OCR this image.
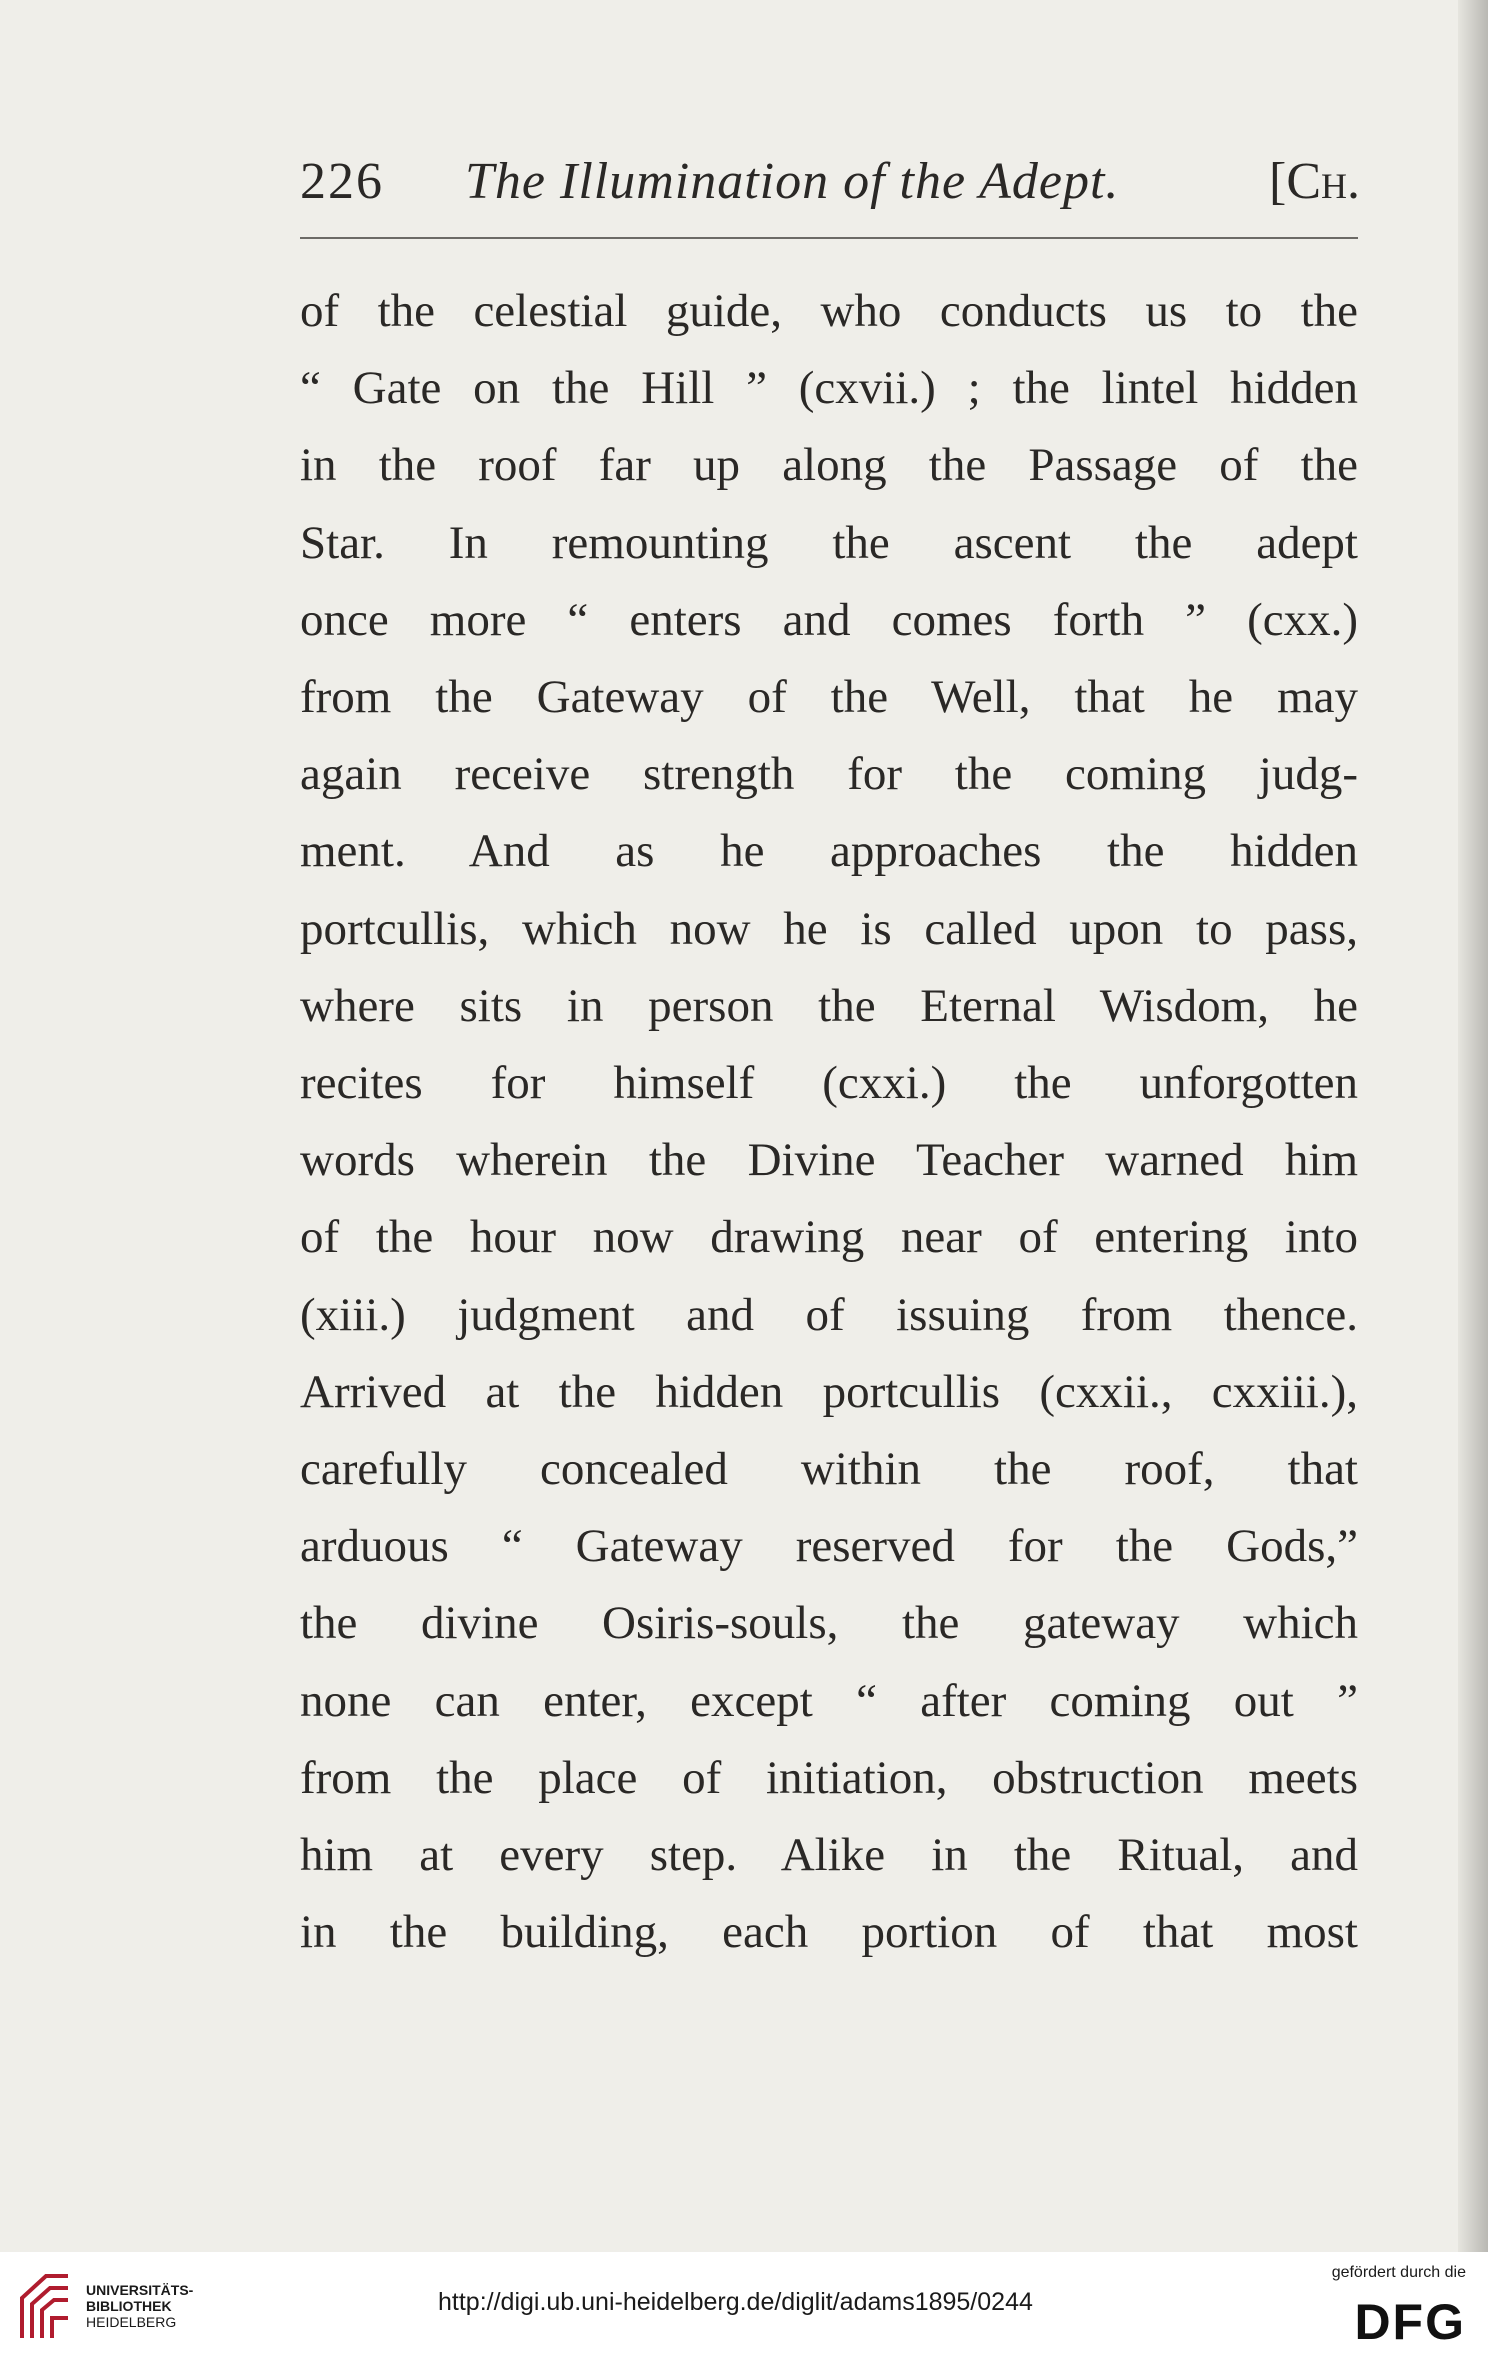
226 The Illumination of the Adept.	[Ch.

of the celestial guide, who conducts us to the
“ Gate on the Hill ” (cxvii.) ; the lintel hidden
in the roof far up along the Passage of the
Star. In remounting the ascent the adept
once more “ enters and comes forth ” (cxx.)
from the Gateway of the Well, that he may
again receive strength for the coming judg-
ment. And as he approaches the hidden
portcullis, which now he is called upon to pass,
where sits in person the Eternal Wisdom, he
recites for himself (cxxi.) the unforgotten
words wherein the Divine Teacher warned him
of the hour now drawing near of entering into
(xiii.) judgment and of issuing from thence.
Arrived at the hidden portcullis (cxxii., cxxiii.),
carefully concealed within the roof, that
arduous “ Gateway reserved for the Gods,”
the divine Osiris-souls, the gateway which
none can enter, except “ after coming out ”
from the place of initiation, obstruction meets
him at every step. Alike in the Ritual, and
in the building, each portion of that most

UNIVERSITÄTS-
BIBLIOTHEK
HEIDELBERG
http://digi.ub.uni-heidelberg.de/diglit/adams1895/0244
gefördert durch die
DFG
